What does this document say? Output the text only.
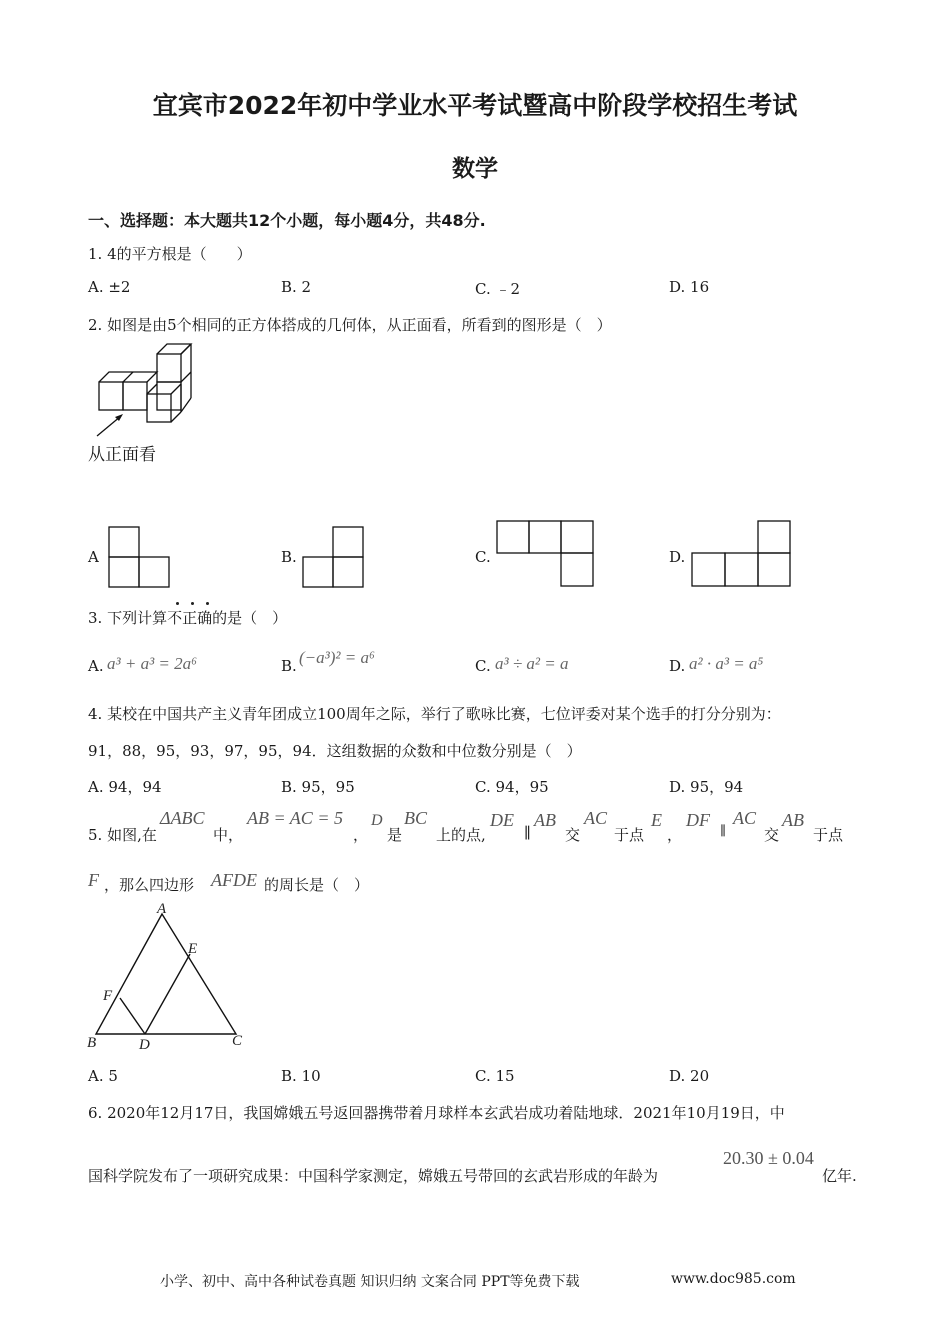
宜宾市2022年初中学业水平考试暨高中阶段学校招生考试
数学
一、选择题：本大题共12个小题，每小题4分，共48分.
1. 4的平方根是（　　）
A. ±2	B. 2	C. ﹣2	D. 16
2. 如图是由5个相同的正方体搭成的几何体，从正面看，所看到的图形是（　）
从正面看
A	B.	C.	D.
3. 下列计算不正确的是（　）
A. a³ + a³ = 2a⁶	B. (−a³)² = a⁶	C. a³ ÷ a² = a	D. a² · a³ = a⁵
4. 某校在中国共产主义青年团成立100周年之际，举行了歌咏比赛，七位评委对某个选手的打分分别为：
91，88，95，93，97，95，94．这组数据的众数和中位数分别是（　）
A. 94，94	B. 95，95	C. 94，95	D. 95，94
5. 如图,在
ΔABC
中，
AB = AC = 5
，
D
是
BC
上的点,
DE
∥
AB
交
AC
于点
E
，
DF
∥
AC
交
AB
于点
F ，那么四边形 AFDE 的周长是（　）
A
E
F
B	D	C
A. 5	B. 10	C. 15	D. 20
6. 2020年12月17日，我国嫦娥五号返回器携带着月球样本玄武岩成功着陆地球．2021年10月19日，中
国科学院发布了一项研究成果：中国科学家测定，嫦娥五号带回的玄武岩形成的年龄为
20.30 ± 0.04
亿年.
小学、初中、高中各种试卷真题 知识归纳 文案合同 PPT等免费下载	www.doc985.com
